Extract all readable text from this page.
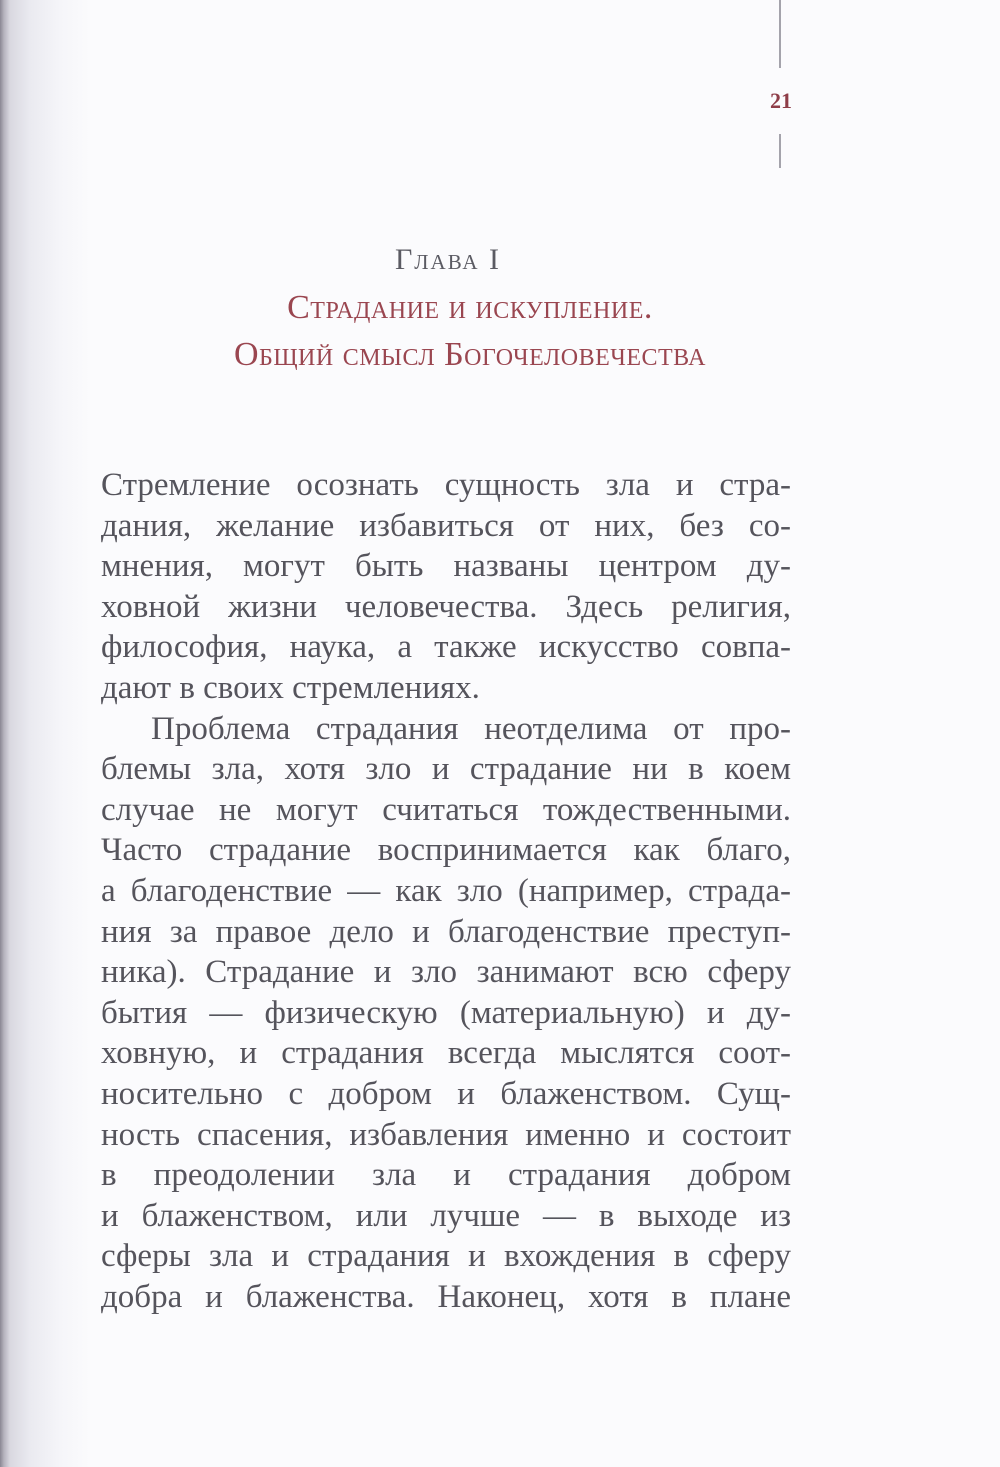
21
Глава I
Страдание и искупление.
Общий смысл Богочеловечества
Стремление осознать сущность зла и стра-
дания, желание избавиться от них, без со-
мнения, могут быть названы центром ду-
ховной жизни человечества. Здесь религия,
философия, наука, а также искусство совпа-
дают в своих стремлениях.
Проблема страдания неотделима от про-
блемы зла, хотя зло и страдание ни в коем
случае не могут считаться тождественными.
Часто страдание воспринимается как благо,
а благоденствие — как зло (например, страда-
ния за правое дело и благоденствие преступ-
ника). Страдание и зло занимают всю сферу
бытия — физическую (материальную) и ду-
ховную, и страдания всегда мыслятся соот-
носительно с добром и блаженством. Сущ-
ность спасения, избавления именно и состоит
в преодолении зла и страдания добром
и блаженством, или лучше — в выходе из
сферы зла и страдания и вхождения в сферу
добра и блаженства. Наконец, хотя в плане
